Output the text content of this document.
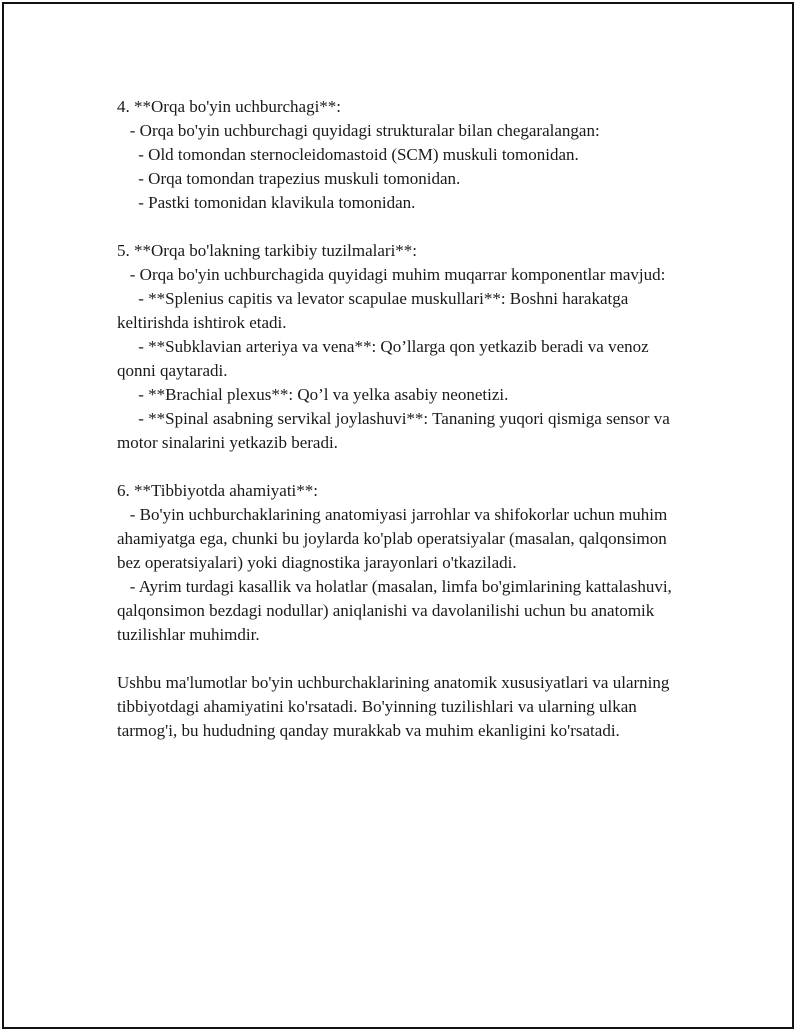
4. **Orqa bo'yin uchburchagi**:
- Orqa bo'yin uchburchagi quyidagi strukturalar bilan chegaralangan:
- Old tomondan sternocleidomastoid (SCM) muskuli tomonidan.
- Orqa tomondan trapezius muskuli tomonidan.
- Pastki tomonidan klavikula tomonidan.
5. **Orqa bo'lakning tarkibiy tuzilmalari**:
- Orqa bo'yin uchburchagida quyidagi muhim muqarrar komponentlar mavjud:
- **Splenius capitis va levator scapulae muskullari**: Boshni harakatga keltirishda ishtirok etadi.
- **Subklavian arteriya va vena**: Qo’llarga qon yetkazib beradi va venoz qonni qaytaradi.
- **Brachial plexus**: Qo’l va yelka asabiy neonetizi.
- **Spinal asabning servikal joylashuvi**: Tananing yuqori qismiga sensor va motor sinalarini yetkazib beradi.
6. **Tibbiyotda ahamiyati**:
- Bo'yin uchburchaklarining anatomiyasi jarrohlar va shifokorlar uchun muhim ahamiyatga ega, chunki bu joylarda ko'plab operatsiyalar (masalan, qalqonsimon bez operatsiyalari) yoki diagnostika jarayonlari o'tkaziladi.
- Ayrim turdagi kasallik va holatlar (masalan, limfa bo'gimlarining kattalashuvi, qalqonsimon bezdagi nodullar) aniqlanishi va davolanilishi uchun bu anatomik tuzilishlar muhimdir.
Ushbu ma'lumotlar bo'yin uchburchaklarining anatomik xususiyatlari va ularning tibbiyotdagi ahamiyatini ko'rsatadi. Bo'yinning tuzilishlari va ularning ulkan tarmog'i, bu hududning qanday murakkab va muhim ekanligini ko'rsatadi.
